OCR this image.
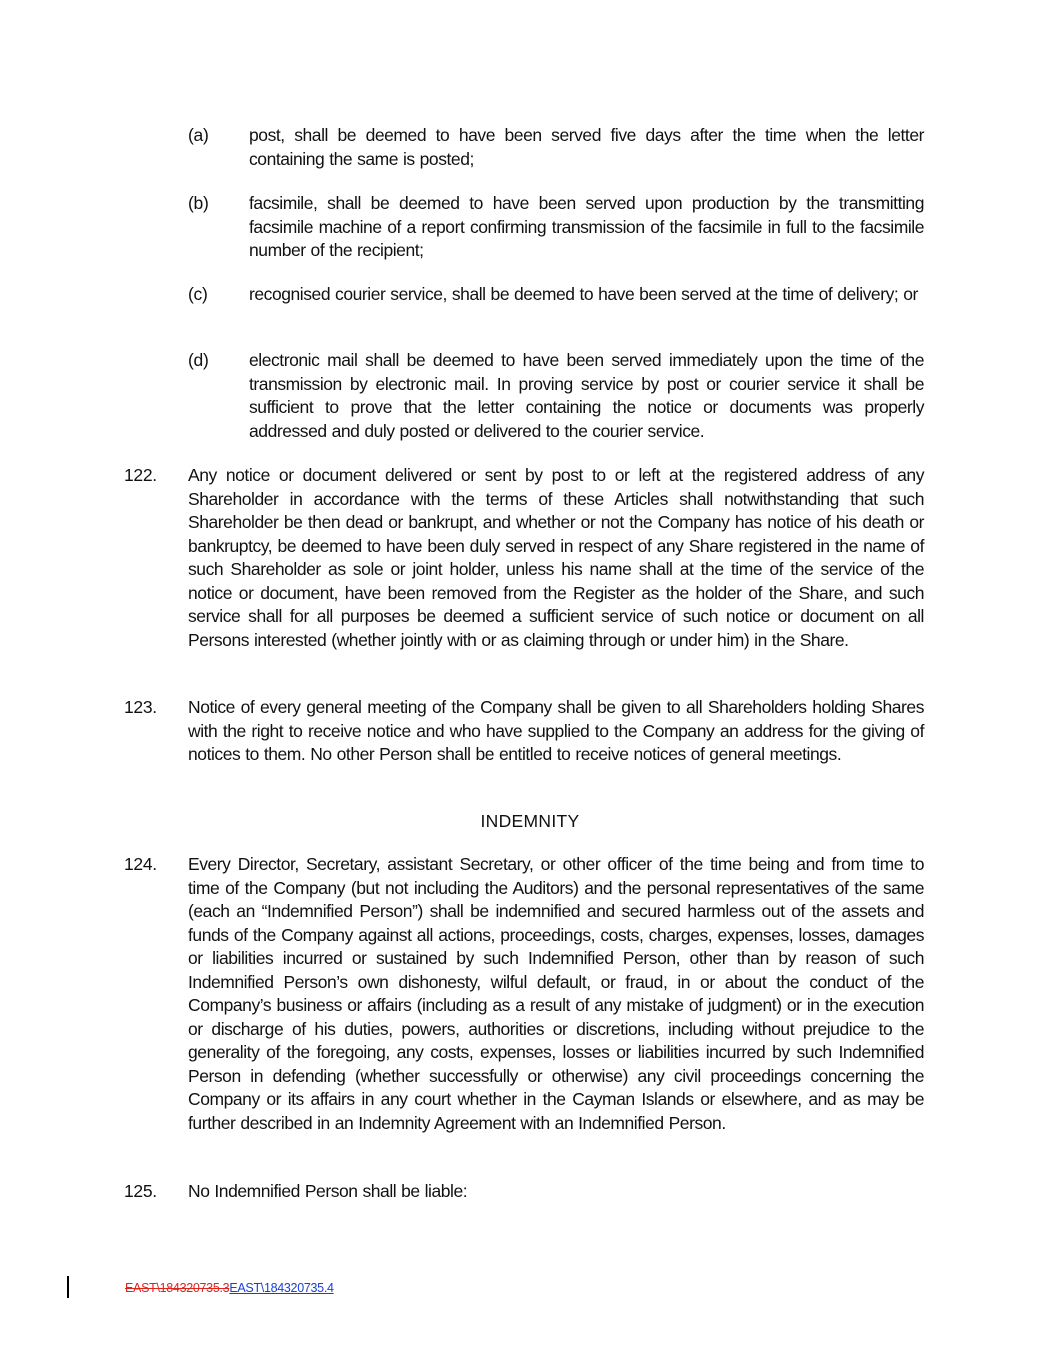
(a) post, shall be deemed to have been served five days after the time when the letter containing the same is posted;
(b) facsimile, shall be deemed to have been served upon production by the transmitting facsimile machine of a report confirming transmission of the facsimile in full to the facsimile number of the recipient;
(c) recognised courier service, shall be deemed to have been served at the time of delivery; or
(d) electronic mail shall be deemed to have been served immediately upon the time of the transmission by electronic mail. In proving service by post or courier service it shall be sufficient to prove that the letter containing the notice or documents was properly addressed and duly posted or delivered to the courier service.
122. Any notice or document delivered or sent by post to or left at the registered address of any Shareholder in accordance with the terms of these Articles shall notwithstanding that such Shareholder be then dead or bankrupt, and whether or not the Company has notice of his death or bankruptcy, be deemed to have been duly served in respect of any Share registered in the name of such Shareholder as sole or joint holder, unless his name shall at the time of the service of the notice or document, have been removed from the Register as the holder of the Share, and such service shall for all purposes be deemed a sufficient service of such notice or document on all Persons interested (whether jointly with or as claiming through or under him) in the Share.
123. Notice of every general meeting of the Company shall be given to all Shareholders holding Shares with the right to receive notice and who have supplied to the Company an address for the giving of notices to them. No other Person shall be entitled to receive notices of general meetings.
INDEMNITY
124. Every Director, Secretary, assistant Secretary, or other officer of the time being and from time to time of the Company (but not including the Auditors) and the personal representatives of the same (each an “Indemnified Person”) shall be indemnified and secured harmless out of the assets and funds of the Company against all actions, proceedings, costs, charges, expenses, losses, damages or liabilities incurred or sustained by such Indemnified Person, other than by reason of such Indemnified Person’s own dishonesty, wilful default, or fraud, in or about the conduct of the Company’s business or affairs (including as a result of any mistake of judgment) or in the execution or discharge of his duties, powers, authorities or discretions, including without prejudice to the generality of the foregoing, any costs, expenses, losses or liabilities incurred by such Indemnified Person in defending (whether successfully or otherwise) any civil proceedings concerning the Company or its affairs in any court whether in the Cayman Islands or elsewhere, and as may be further described in an Indemnity Agreement with an Indemnified Person.
125. No Indemnified Person shall be liable:
EAST\184320735.3EAST\184320735.4
